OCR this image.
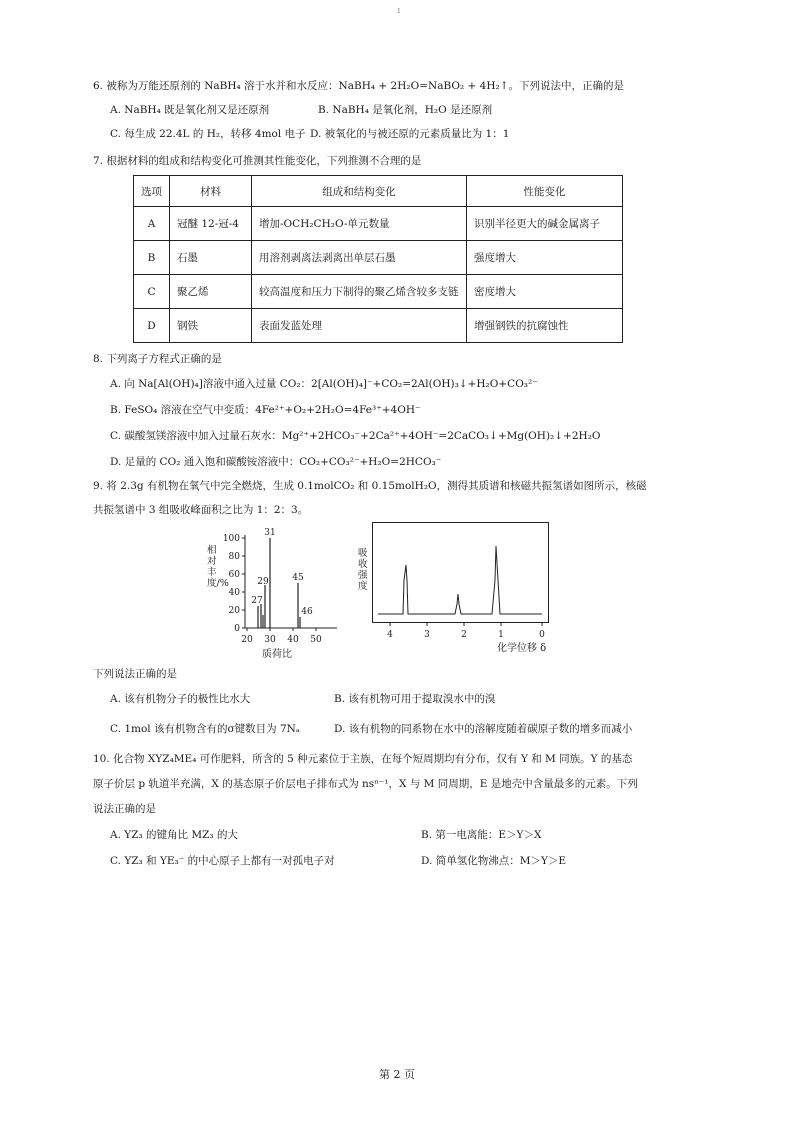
1
6. 被称为万能还原剂的 NaBH₄ 溶于水并和水反应：NaBH₄ + 2H₂O=NaBO₂ + 4H₂↑。下列说法中，正确的是
A. NaBH₄ 既是氧化剂又是还原剂	B. NaBH₄ 是氧化剂，H₂O 是还原剂
C. 每生成 22.4L 的 H₂，转移 4mol 电子 D. 被氧化的与被还原的元素质量比为 1：1
7. 根据材料的组成和结构变化可推测其性能变化，下列推测不合理的是
选项	材料	组成和结构变化	性能变化
A	冠醚 12-冠-4	增加-OCH₂CH₂O-单元数量	识别半径更大的碱金属离子
B	石墨	用溶剂剥离法剥离出单层石墨	强度增大
C	聚乙烯	较高温度和压力下制得的聚乙烯含较多支链	密度增大
D	钢铁	表面发蓝处理	增强钢铁的抗腐蚀性
8. 下列离子方程式正确的是
A. 向 Na[Al(OH)₄]溶液中通入过量 CO₂：2[Al(OH)₄]⁻+CO₂=2Al(OH)₃↓+H₂O+CO₃²⁻
B. FeSO₄ 溶液在空气中变质：4Fe²⁺+O₂+2H₂O=4Fe³⁺+4OH⁻
C. 碳酸氢镁溶液中加入过量石灰水：Mg²⁺+2HCO₃⁻+2Ca²⁺+4OH⁻=2CaCO₃↓+Mg(OH)₂↓+2H₂O
D. 足量的 CO₂ 通入饱和碳酸铵溶液中：CO₂+CO₃²⁻+H₂O=2HCO₃⁻
9. 将 2.3g 有机物在氧气中完全燃烧，生成 0.1molCO₂ 和 0.15molH₂O，测得其质谱和核磁共振氢谱如图所示，核磁
共振氢谱中 3 组吸收峰面积之比为 1：2：3。
相对丰度/%
0
20
40
60
80
100
20 30 40 50
27
29
31
45
46
质荷比
吸收强度
4	3	2	1	0
化学位移 δ
下列说法正确的是
A. 该有机物分子的极性比水大	B. 该有机物可用于提取溴水中的溴
C. 1mol 该有机物含有的σ键数目为 7Nₐ	D. 该有机物的同系物在水中的溶解度随着碳原子数的增多而减小
10. 化合物 XYZ₄ME₄ 可作肥料，所含的 5 种元素位于主族，在每个短周期均有分布，仅有 Y 和 M 同族。Y 的基态
原子价层 p 轨道半充满，X 的基态原子价层电子排布式为 nsⁿ⁻¹，X 与 M 同周期，E 是地壳中含量最多的元素。下列
说法正确的是
A. YZ₃ 的键角比 MZ₃ 的大	B. 第一电离能：E＞Y＞X
C. YZ₃ 和 YE₃⁻ 的中心原子上都有一对孤电子对	D. 简单氢化物沸点：M＞Y＞E
第 2 页
